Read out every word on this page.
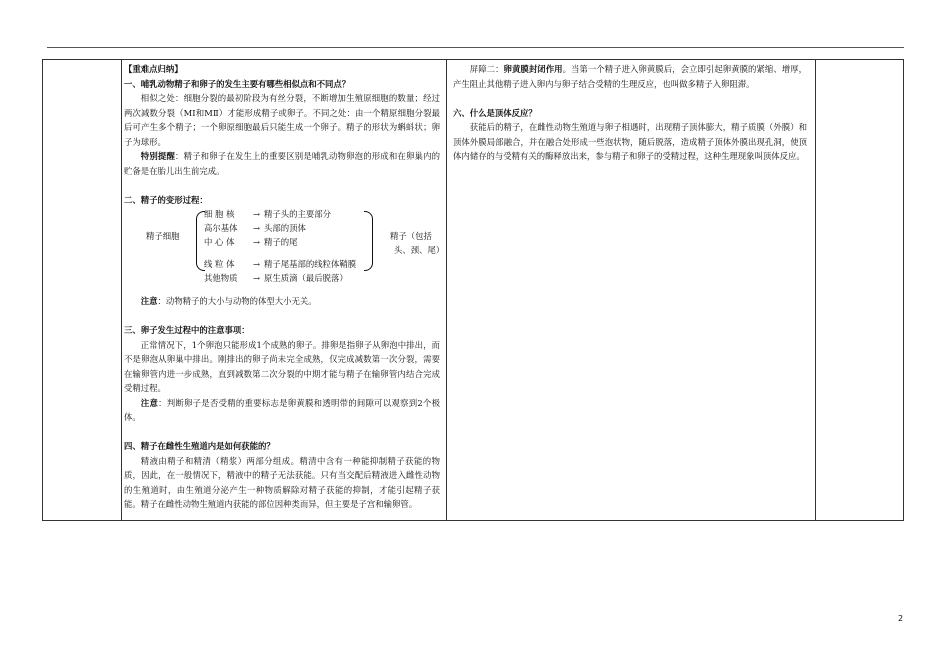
【重难点归纳】

一、哺乳动物精子和卵子的发生主要有哪些相似点和不同点？

相似之处：细胞分裂的最初阶段为有丝分裂，不断增加生殖原细胞的数量；经过两次减数分裂（MⅠ和MⅡ）才能形成精子或卵子。不同之处：由一个精原细胞分裂最后可产生多个精子；一个卵原细胞最后只能生成一个卵子。精子的形状为蝌蚪状；卵子为球形。

特别提醒：精子和卵子在发生上的重要区别是哺乳动物卵泡的形成和在卵巢内的贮备是在胎儿出生前完成。

二、精子的变形过程：

精子细胞
细 胞 核 → 精子头的主要部分
高尔基体 → 头部的顶体
中 心 体 → 精子的尾
线 粒 体 → 精子尾基部的线粒体鞘膜
其他物质 → 原生质滴（最后脱落）
精子（包括
头、颈、尾）

注意：动物精子的大小与动物的体型大小无关。

三、卵子发生过程中的注意事项：

正常情况下，1个卵泡只能形成1个成熟的卵子。排卵是指卵子从卵泡中排出，而不是卵泡从卵巢中排出。刚排出的卵子尚未完全成熟，仅完成减数第一次分裂，需要在输卵管内进一步成熟，直到减数第二次分裂的中期才能与精子在输卵管内结合完成受精过程。

注意：判断卵子是否受精的重要标志是卵黄膜和透明带的间隙可以观察到2个极体。

四、精子在雌性生殖道内是如何获能的？

精液由精子和精清（精浆）两部分组成。精清中含有一种能抑制精子获能的物质，因此，在一般情况下，精液中的精子无法获能。只有当交配后精液进入雌性动物的生殖道时，由生殖道分泌产生一种物质解除对精子获能的抑制，才能引起精子获能。精子在雌性动物生殖道内获能的部位因种类而异，但主要是子宫和输卵管。

屏障二：卵黄膜封闭作用。当第一个精子进入卵黄膜后，会立即引起卵黄膜的紧缩、增厚，产生阻止其他精子进入卵内与卵子结合受精的生理反应，也叫做多精子入卵阻滞。

六、什么是顶体反应？

获能后的精子，在雌性动物生殖道与卵子相遇时，出现精子顶体膨大，精子质膜（外膜）和顶体外膜局部融合，并在融合处形成一些泡状物，随后脱落，造成精子顶体外膜出现孔洞，使顶体内储存的与受精有关的酶释放出来，参与精子和卵子的受精过程，这种生理现象叫顶体反应。

2
